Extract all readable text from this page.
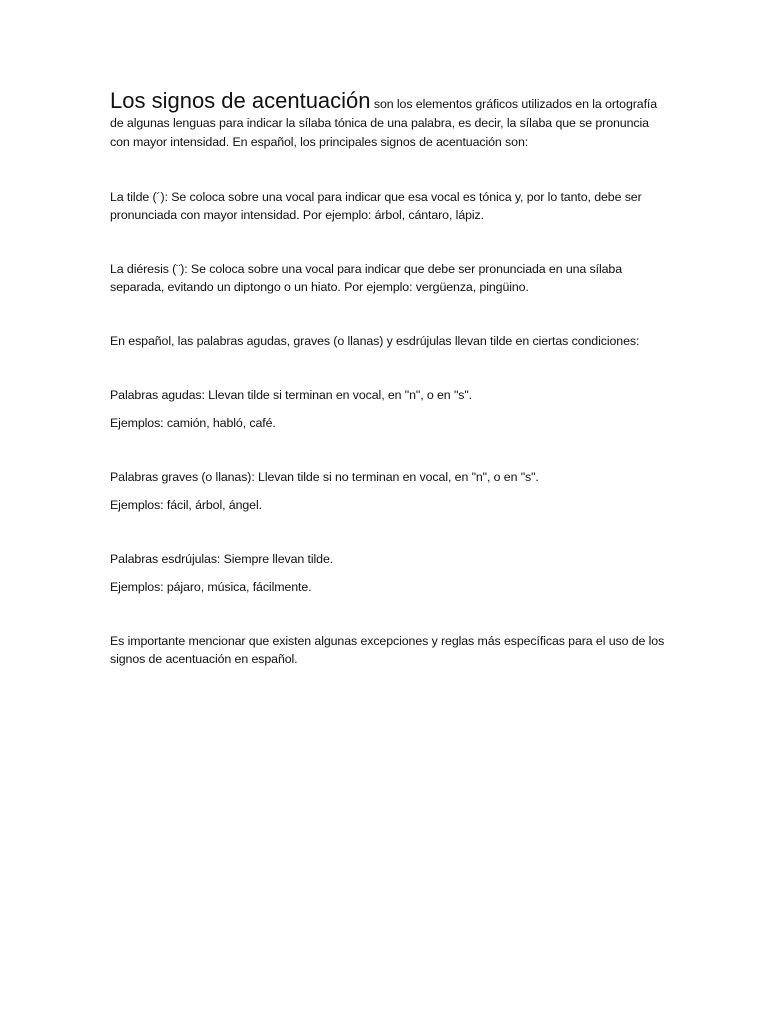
Los signos de acentuación son los elementos gráficos utilizados en la ortografía de algunas lenguas para indicar la sílaba tónica de una palabra, es decir, la sílaba que se pronuncia con mayor intensidad. En español, los principales signos de acentuación son:

La tilde (´): Se coloca sobre una vocal para indicar que esa vocal es tónica y, por lo tanto, debe ser pronunciada con mayor intensidad. Por ejemplo: árbol, cántaro, lápiz.

La diéresis (¨): Se coloca sobre una vocal para indicar que debe ser pronunciada en una sílaba separada, evitando un diptongo o un hiato. Por ejemplo: vergüenza, pingüino.

En español, las palabras agudas, graves (o llanas) y esdrújulas llevan tilde en ciertas condiciones:

Palabras agudas: Llevan tilde si terminan en vocal, en "n", o en "s".

Ejemplos: camión, habló, café.

Palabras graves (o llanas): Llevan tilde si no terminan en vocal, en "n", o en "s".

Ejemplos: fácil, árbol, ángel.

Palabras esdrújulas: Siempre llevan tilde.

Ejemplos: pájaro, música, fácilmente.

Es importante mencionar que existen algunas excepciones y reglas más específicas para el uso de los signos de acentuación en español.
